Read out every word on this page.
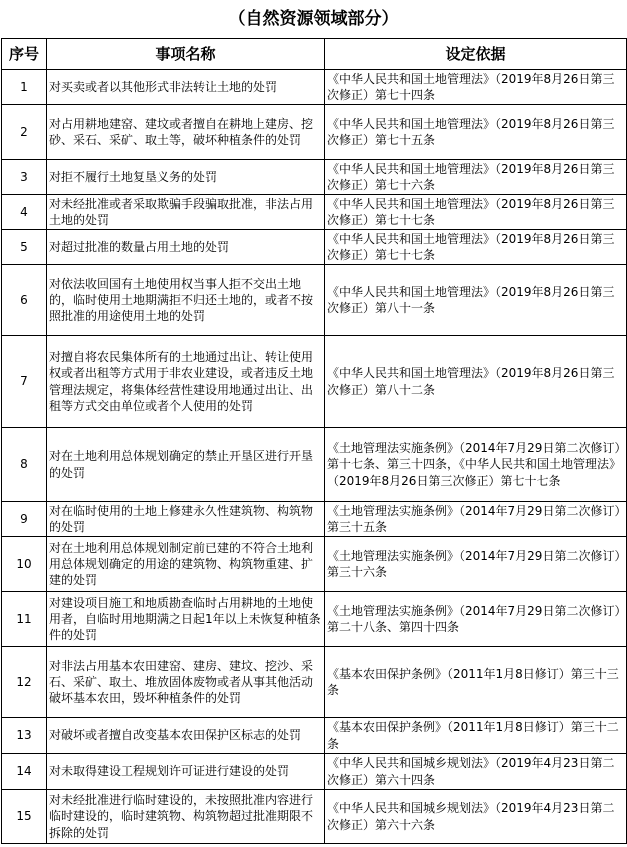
（自然资源领域部分）
序号	事项名称	设定依据
1	对买卖或者以其他形式非法转让土地的处罚	《中华人民共和国土地管理法》（2019年8月26日第三次修正）第七十四条
2	对占用耕地建窑、建坟或者擅自在耕地上建房、挖砂、采石、采矿、取土等，破坏种植条件的处罚	《中华人民共和国土地管理法》（2019年8月26日第三次修正）第七十五条
3	对拒不履行土地复垦义务的处罚	《中华人民共和国土地管理法》（2019年8月26日第三次修正）第七十六条
4	对未经批准或者采取欺骗手段骗取批准，非法占用土地的处罚	《中华人民共和国土地管理法》（2019年8月26日第三次修正）第七十七条
5	对超过批准的数量占用土地的处罚	《中华人民共和国土地管理法》（2019年8月26日第三次修正）第七十七条
6	对依法收回国有土地使用权当事人拒不交出土地的，临时使用土地期满拒不归还土地的，或者不按照批准的用途使用土地的处罚	《中华人民共和国土地管理法》（2019年8月26日第三次修正）第八十一条
7	对擅自将农民集体所有的土地通过出让、转让使用权或者出租等方式用于非农业建设，或者违反土地管理法规定，将集体经营性建设用地通过出让、出租等方式交由单位或者个人使用的处罚	《中华人民共和国土地管理法》（2019年8月26日第三次修正）第八十二条
8	对在土地利用总体规划确定的禁止开垦区进行开垦的处罚	《土地管理法实施条例》（2014年7月29日第二次修订）第十七条、第三十四条，《中华人民共和国土地管理法》（2019年8月26日第三次修正）第七十七条
9	对在临时使用的土地上修建永久性建筑物、构筑物的处罚	《土地管理法实施条例》（2014年7月29日第二次修订）第三十五条
10	对在土地利用总体规划制定前已建的不符合土地利用总体规划确定的用途的建筑物、构筑物重建、扩建的处罚	《土地管理法实施条例》（2014年7月29日第二次修订）第三十六条
11	对建设项目施工和地质勘查临时占用耕地的土地使用者，自临时用地期满之日起1年以上未恢复种植条件的处罚	《土地管理法实施条例》（2014年7月29日第二次修订）第二十八条、第四十四条
12	对非法占用基本农田建窑、建房、建坟、挖沙、采石、采矿、取土、堆放固体废物或者从事其他活动破坏基本农田，毁坏种植条件的处罚	《基本农田保护条例》（2011年1月8日修订）第三十三条
13	对破坏或者擅自改变基本农田保护区标志的处罚	《基本农田保护条例》（2011年1月8日修订）第三十二条
14	对未取得建设工程规划许可证进行建设的处罚	《中华人民共和国城乡规划法》（2019年4月23日第二次修正）第六十四条
15	对未经批准进行临时建设的，未按照批准内容进行临时建设的，临时建筑物、构筑物超过批准期限不拆除的处罚	《中华人民共和国城乡规划法》（2019年4月23日第二次修正）第六十六条
